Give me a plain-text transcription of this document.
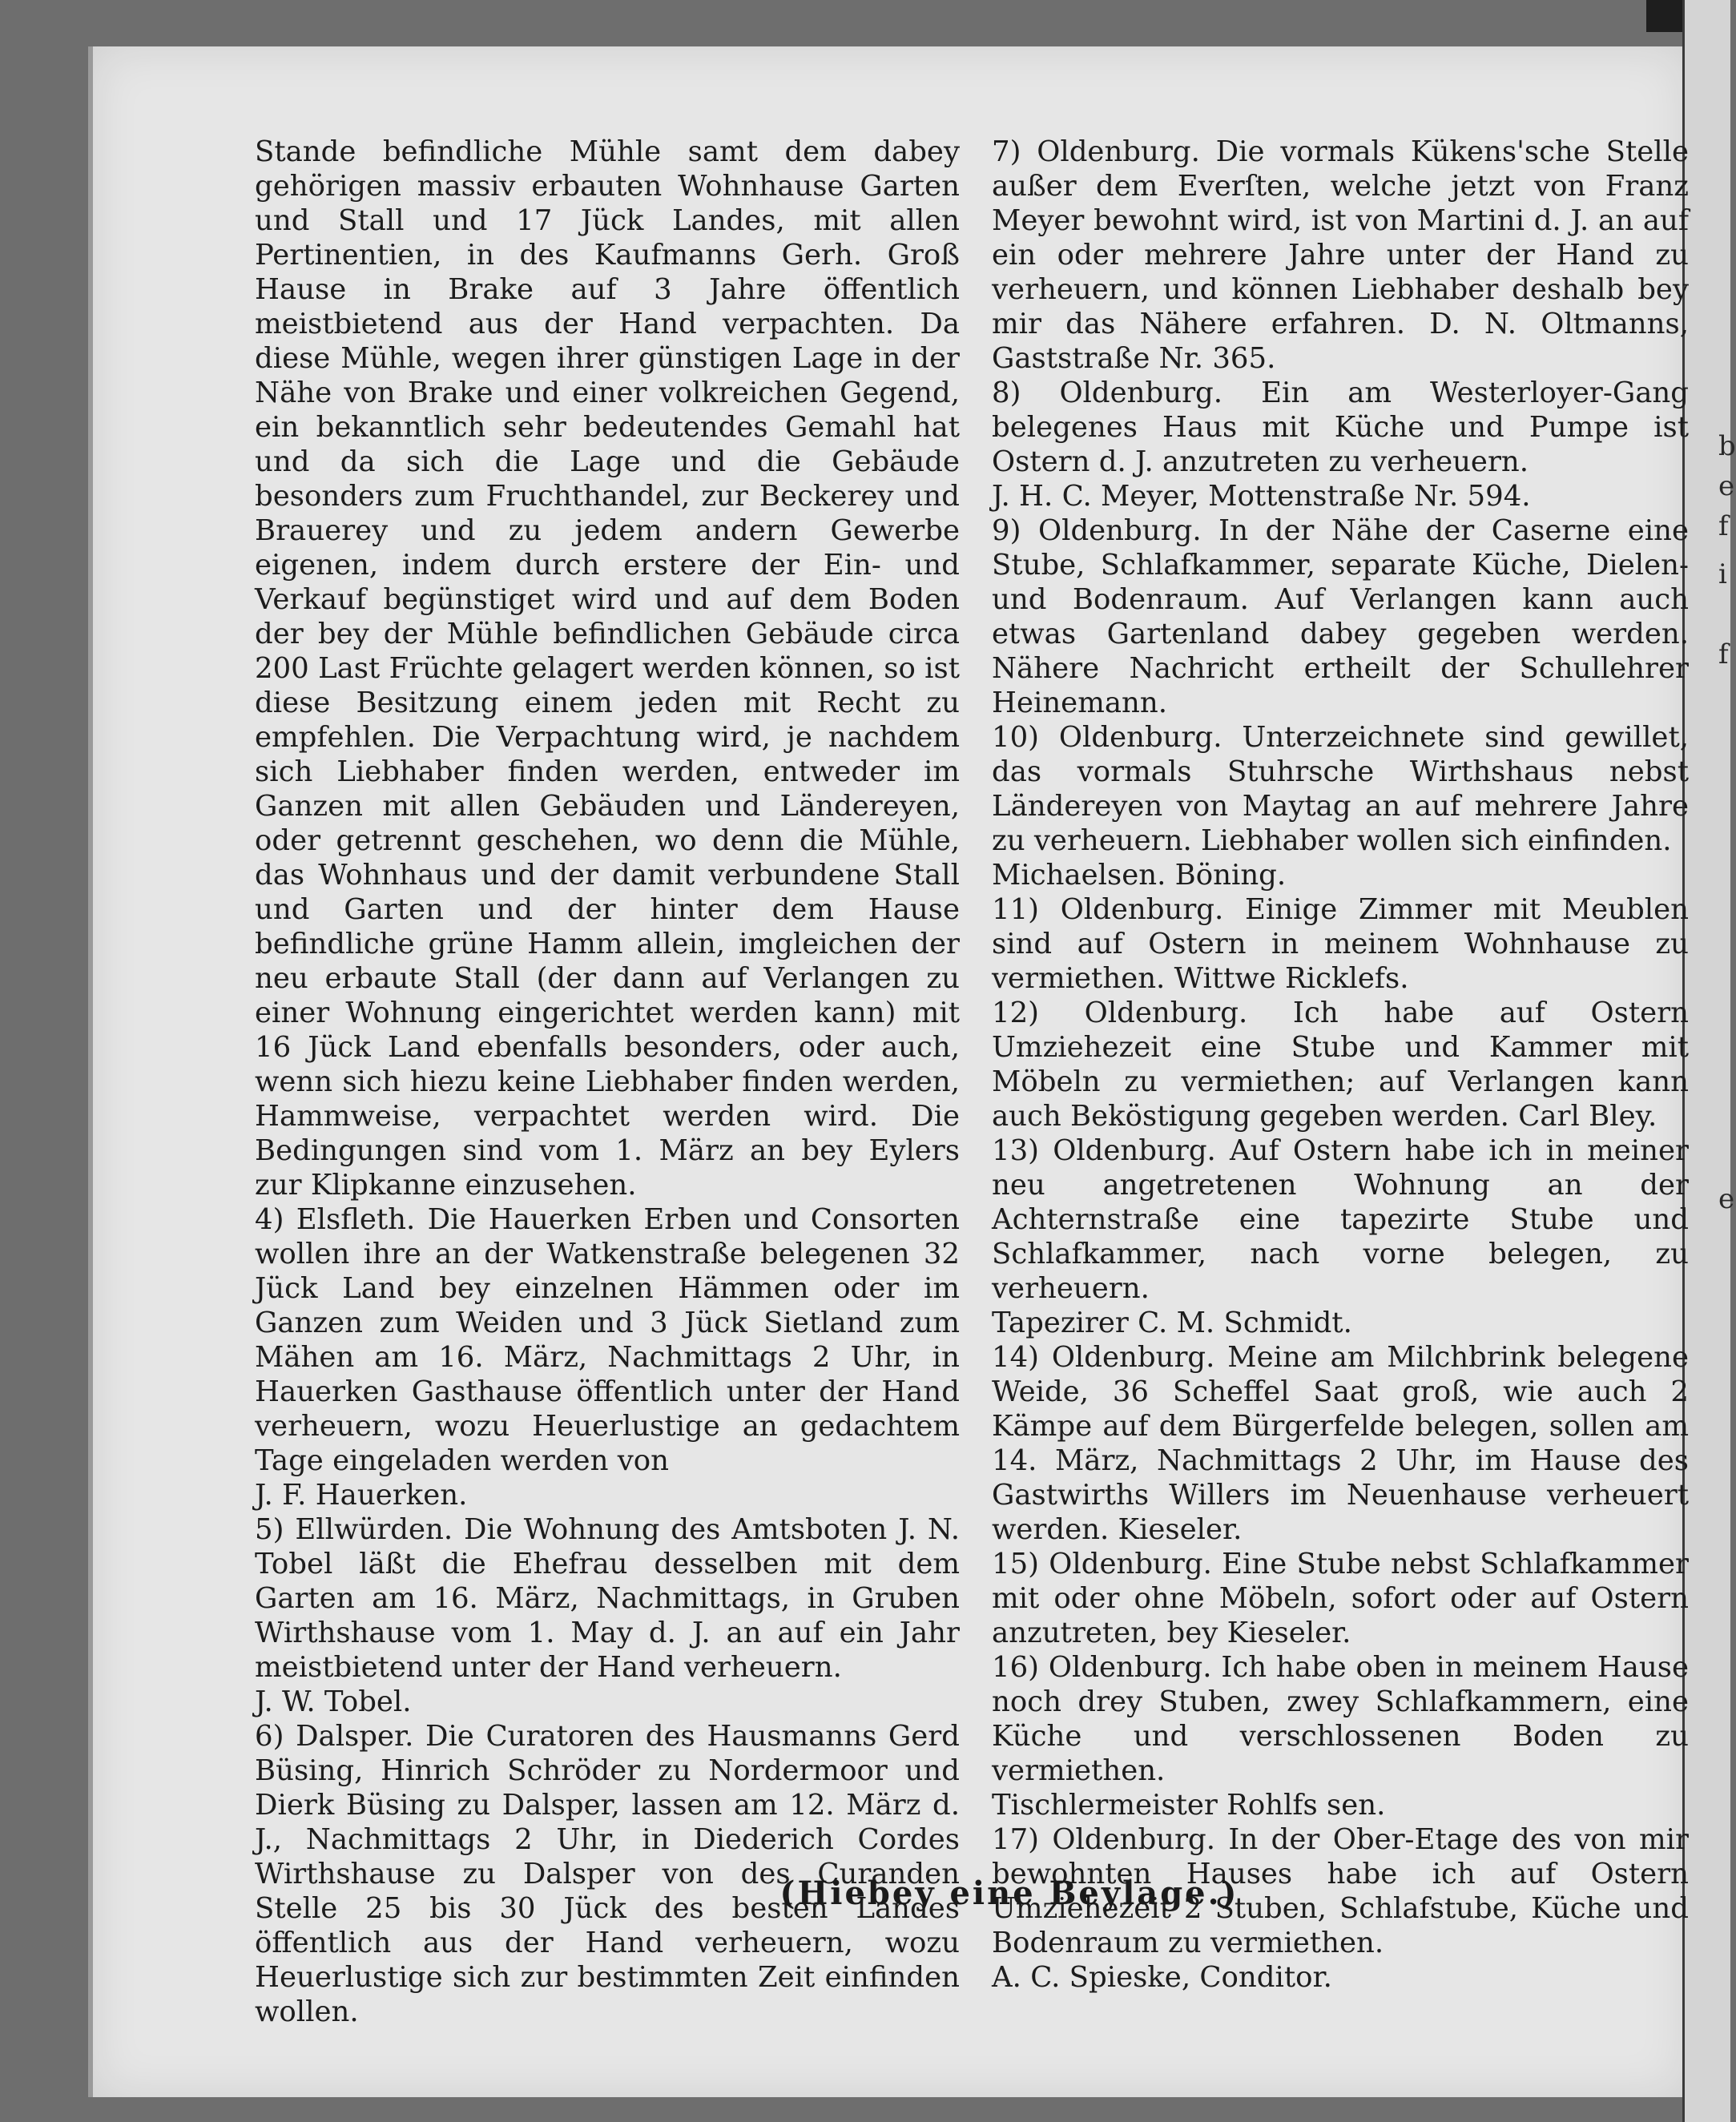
b
e
f
i
f
e

Stande befindliche Mühle samt dem dabey gehörigen massiv erbauten Wohnhause Garten und Stall und 17 Jück Landes, mit allen Pertinentien, in des Kaufmanns Gerh. Groß Hause in Brake auf 3 Jahre öffentlich meistbietend aus der Hand verpachten. Da diese Mühle, wegen ihrer günstigen Lage in der Nähe von Brake und einer volkreichen Gegend, ein bekanntlich sehr bedeutendes Gemahl hat und da sich die Lage und die Gebäude besonders zum Fruchthandel, zur Beckerey und Brauerey und zu jedem andern Gewerbe eigenen, indem durch erstere der Ein- und Verkauf begünstiget wird und auf dem Boden der bey der Mühle befindlichen Gebäude circa 200 Last Früchte gelagert werden können, so ist diese Besitzung einem jeden mit Recht zu empfehlen. Die Verpachtung wird, je nachdem sich Liebhaber finden werden, entweder im Ganzen mit allen Gebäuden und Ländereyen, oder getrennt geschehen, wo denn die Mühle, das Wohnhaus und der damit verbundene Stall und Garten und der hinter dem Hause befindliche grüne Hamm allein, imgleichen der neu erbaute Stall (der dann auf Verlangen zu einer Wohnung eingerichtet werden kann) mit 16 Jück Land ebenfalls besonders, oder auch, wenn sich hiezu keine Liebhaber finden werden, Hammweise, verpachtet werden wird. Die Bedingungen sind vom 1. März an bey Eylers zur Klipkanne einzusehen.

4) Elsfleth. Die Hauerken Erben und Consorten wollen ihre an der Watkenstraße belegenen 32 Jück Land bey einzelnen Hämmen oder im Ganzen zum Weiden und 3 Jück Sietland zum Mähen am 16. März, Nachmittags 2 Uhr, in Hauerken Gasthause öffentlich unter der Hand verheuern, wozu Heuerlustige an gedachtem Tage eingeladen werden von

J. F. Hauerken.

5) Ellwürden. Die Wohnung des Amtsboten J. N. Tobel läßt die Ehefrau desselben mit dem Garten am 16. März, Nachmittags, in Gruben Wirthshause vom 1. May d. J. an auf ein Jahr meistbietend unter der Hand verheuern.

J. W. Tobel.

6) Dalsper. Die Curatoren des Hausmanns Gerd Büsing, Hinrich Schröder zu Nordermoor und Dierk Büsing zu Dalsper, lassen am 12. März d. J., Nachmittags 2 Uhr, in Diederich Cordes Wirthshause zu Dalsper von des Curanden Stelle 25 bis 30 Jück des besten Landes öffentlich aus der Hand verheuern, wozu Heuerlustige sich zur bestimmten Zeit einfinden wollen.

7) Oldenburg. Die vormals Kükens'sche Stelle außer dem Everſten, welche jetzt von Franz Meyer bewohnt wird, ist von Martini d. J. an auf ein oder mehrere Jahre unter der Hand zu verheuern, und können Liebhaber deshalb bey mir das Nähere erfahren. D. N. Oltmanns, Gaststraße Nr. 365.

8) Oldenburg. Ein am Westerloyer-Gang belegenes Haus mit Küche und Pumpe ist Ostern d. J. anzutreten zu verheuern.

J. H. C. Meyer, Mottenstraße Nr. 594.

9) Oldenburg. In der Nähe der Caserne eine Stube, Schlafkammer, separate Küche, Dielen- und Bodenraum. Auf Verlangen kann auch etwas Gartenland dabey gegeben werden. Nähere Nachricht ertheilt der Schullehrer Heinemann.

10) Oldenburg. Unterzeichnete sind gewillet, das vormals Stuhrsche Wirthshaus nebst Ländereyen von Maytag an auf mehrere Jahre zu verheuern. Liebhaber wollen sich einfinden.

Michaelsen. Böning.

11) Oldenburg. Einige Zimmer mit Meublen sind auf Ostern in meinem Wohnhause zu vermiethen. Wittwe Ricklefs.

12) Oldenburg. Ich habe auf Ostern Umziehezeit eine Stube und Kammer mit Möbeln zu vermiethen; auf Verlangen kann auch Beköstigung gegeben werden. Carl Bley.

13) Oldenburg. Auf Ostern habe ich in meiner neu angetretenen Wohnung an der Achternstraße eine tapezirte Stube und Schlafkammer, nach vorne belegen, zu verheuern.

Tapezirer C. M. Schmidt.

14) Oldenburg. Meine am Milchbrink belegene Weide, 36 Scheffel Saat groß, wie auch 2 Kämpe auf dem Bürgerfelde belegen, sollen am 14. März, Nachmittags 2 Uhr, im Hause des Gastwirths Willers im Neuenhause verheuert werden. Kieseler.

15) Oldenburg. Eine Stube nebst Schlafkammer mit oder ohne Möbeln, sofort oder auf Ostern anzutreten, bey Kieseler.

16) Oldenburg. Ich habe oben in meinem Hause noch drey Stuben, zwey Schlafkammern, eine Küche und verschlossenen Boden zu vermiethen.

Tischlermeister Rohlfs sen.

17) Oldenburg. In der Ober-Etage des von mir bewohnten Hauses habe ich auf Ostern Umziehezeit 2 Stuben, Schlafstube, Küche und Bodenraum zu vermiethen.

A. C. Spieske, Conditor.

(Hiebey eine Beylage.)
